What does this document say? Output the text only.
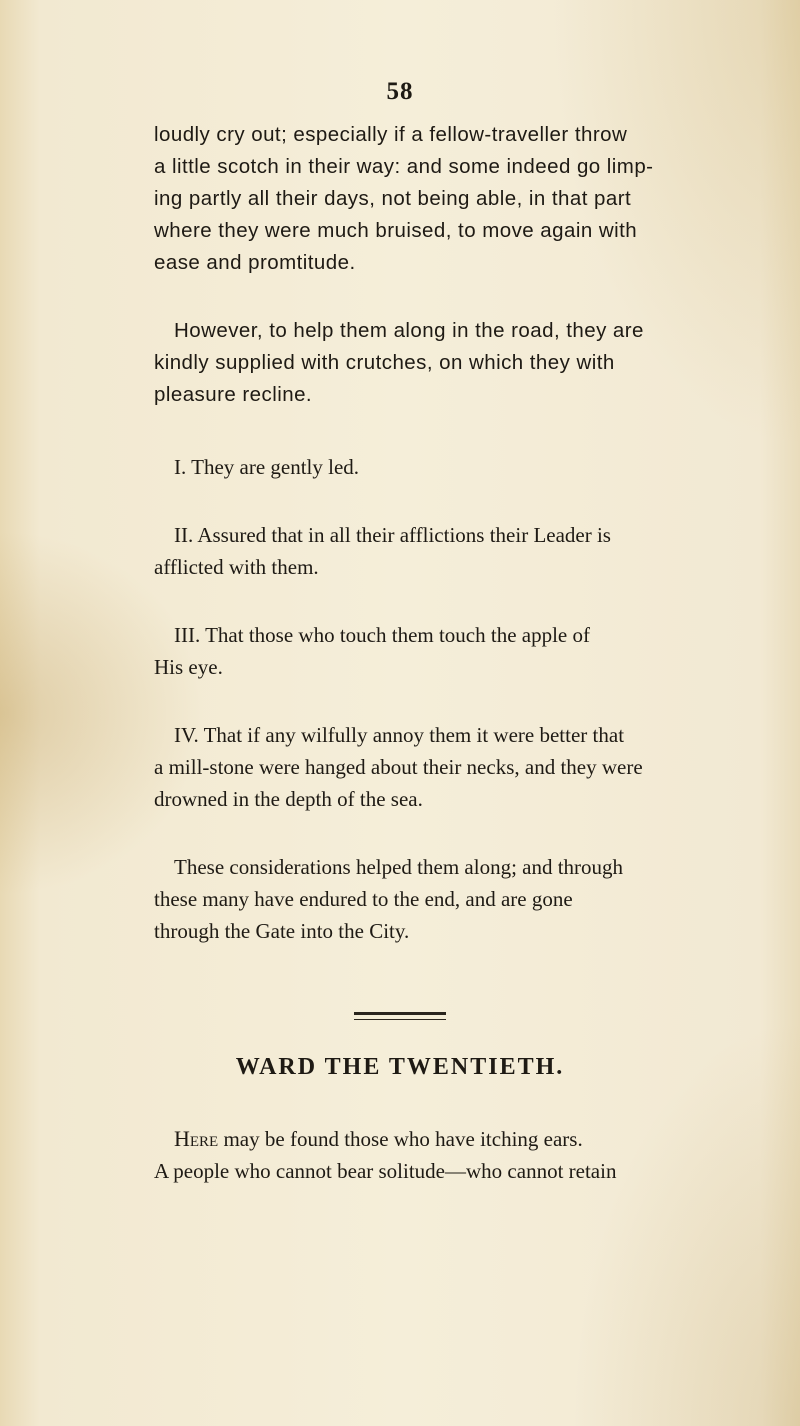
58

loudly cry out; especially if a fellow-traveller throw

a little scotch in their way: and some indeed go limp-

ing partly all their days, not being able, in that part

where they were much bruised, to move again with

ease and promtitude.

However, to help them along in the road, they are

kindly supplied with crutches, on which they with

pleasure recline.

I. They are gently led.

II. Assured that in all their afflictions their Leader is

afflicted with them.

III. That those who touch them touch the apple of

His eye.

IV. That if any wilfully annoy them it were better that

a mill-stone were hanged about their necks, and they were

drowned in the depth of the sea.

These considerations helped them along; and through

these many have endured to the end, and are gone

through the Gate into the City.

WARD THE TWENTIETH.

Here may be found those who have itching ears.

A people who cannot bear solitude—who cannot retain
